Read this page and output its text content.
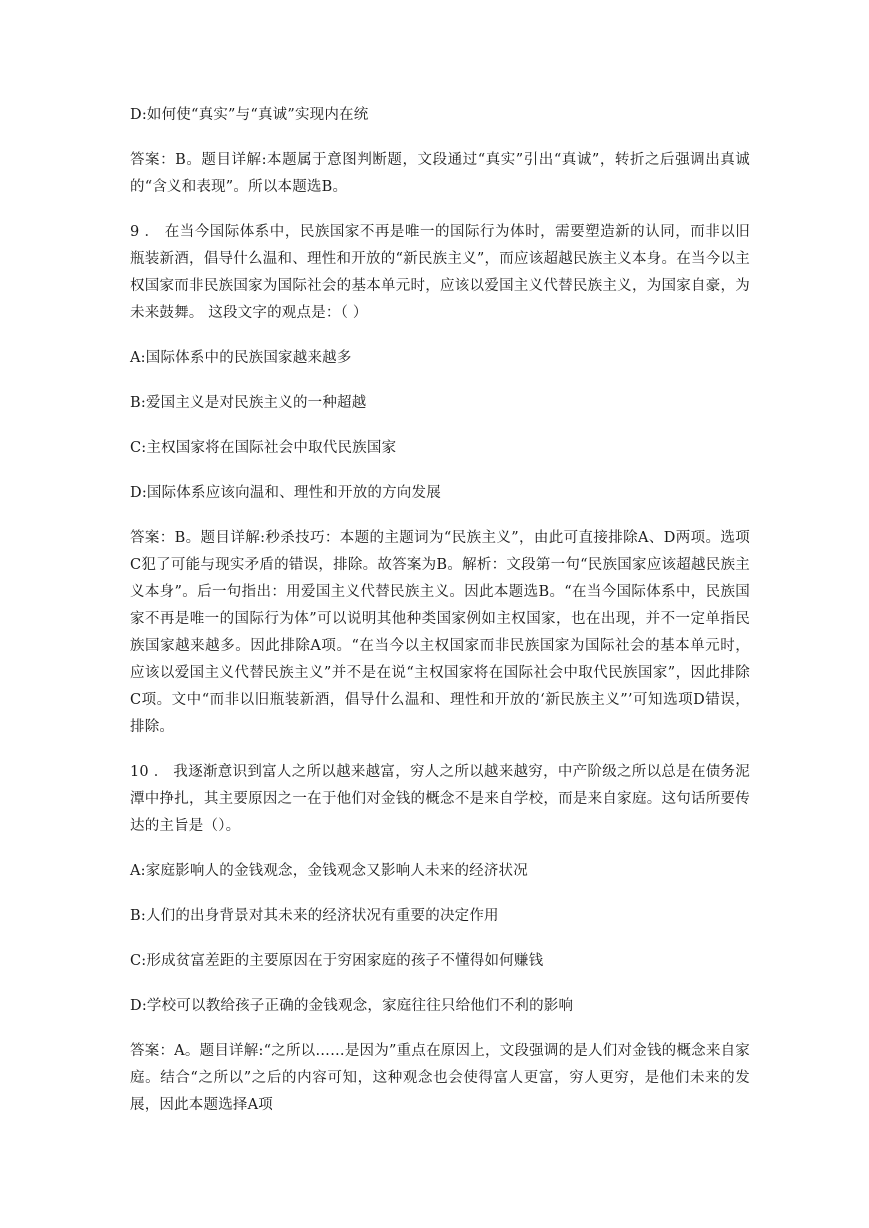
D:如何使“真实”与“真诚”实现内在统

答案：B。题目详解:本题属于意图判断题，文段通过“真实”引出“真诚”，转折之后强调出真诚的“含义和表现”。所以本题选B。

9 ． 在当今国际体系中，民族国家不再是唯一的国际行为体时，需要塑造新的认同，而非以旧瓶装新酒，倡导什么温和、理性和开放的“新民族主义”，而应该超越民族主义本身。在当今以主权国家而非民族国家为国际社会的基本单元时，应该以爱国主义代替民族主义，为国家自豪，为未来鼓舞。 这段文字的观点是：（ ）

A:国际体系中的民族国家越来越多

B:爱国主义是对民族主义的一种超越

C:主权国家将在国际社会中取代民族国家

D:国际体系应该向温和、理性和开放的方向发展

答案：B。题目详解:秒杀技巧：本题的主题词为“民族主义”，由此可直接排除A、D两项。选项C犯了可能与现实矛盾的错误，排除。故答案为B。解析：文段第一句“民族国家应该超越民族主义本身”。后一句指出：用爱国主义代替民族主义。因此本题选B。“在当今国际体系中，民族国家不再是唯一的国际行为体”可以说明其他种类国家例如主权国家，也在出现，并不一定单指民族国家越来越多。因此排除A项。“在当今以主权国家而非民族国家为国际社会的基本单元时，应该以爱国主义代替民族主义”并不是在说“主权国家将在国际社会中取代民族国家”，因此排除C项。文中“而非以旧瓶装新酒，倡导什么温和、理性和开放的‘新民族主义”’可知选项D错误，排除。

10 ． 我逐渐意识到富人之所以越来越富，穷人之所以越来越穷，中产阶级之所以总是在债务泥潭中挣扎，其主要原因之一在于他们对金钱的概念不是来自学校，而是来自家庭。这句话所要传达的主旨是（）。

A:家庭影响人的金钱观念，金钱观念又影响人未来的经济状况

B:人们的出身背景对其未来的经济状况有重要的决定作用

C:形成贫富差距的主要原因在于穷困家庭的孩子不懂得如何赚钱

D:学校可以教给孩子正确的金钱观念，家庭往往只给他们不利的影响

答案：A。题目详解:“之所以……是因为”重点在原因上，文段强调的是人们对金钱的概念来自家庭。结合“之所以”之后的内容可知，这种观念也会使得富人更富，穷人更穷，是他们未来的发展，因此本题选择A项
